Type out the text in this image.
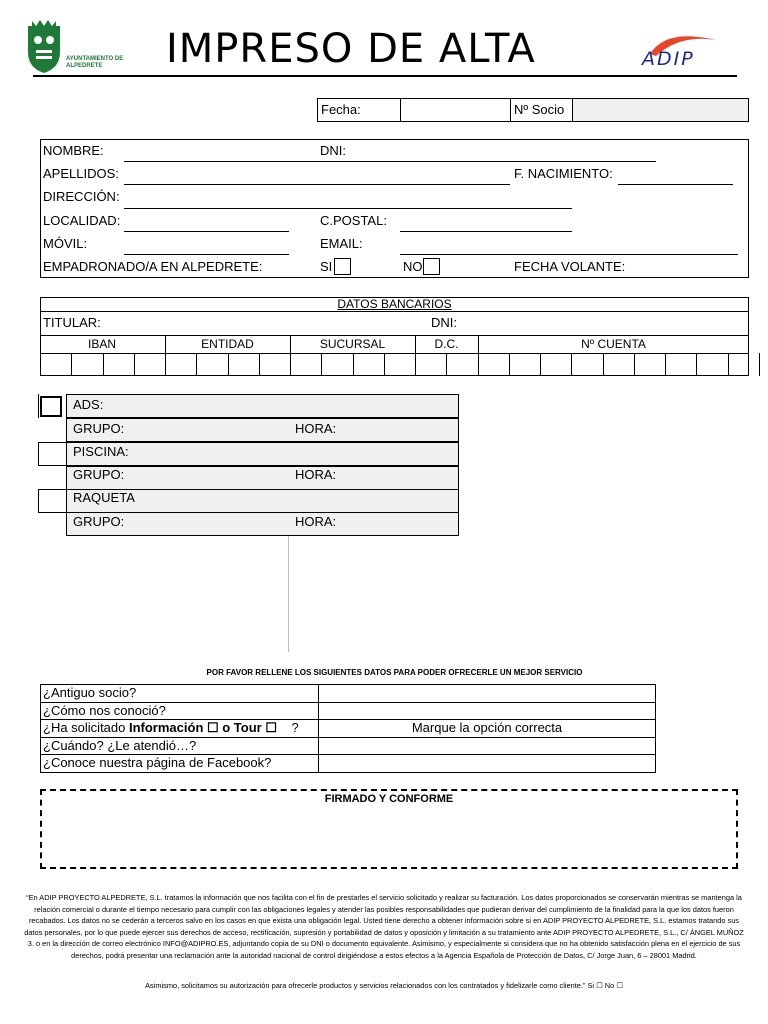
AYUNTAMIENTO DE ALPEDRETE	IMPRESO DE ALTA	ADIP
Fecha:	Nº Socio
NOMBRE:	DNI:
APELLIDOS:	F. NACIMIENTO:
DIRECCIÓN:
LOCALIDAD:	C.POSTAL:
MÓVIL:	EMAIL:
EMPADRONADO/A EN ALPEDRETE:	SI	NO	FECHA VOLANTE:
DATOS BANCARIOS
TITULAR:	DNI:
IBAN	ENTIDAD	SUCURSAL	D.C.	Nº CUENTA
ADS:
GRUPO:	HORA:
PISCINA:
GRUPO:	HORA:
RAQUETA
GRUPO:	HORA:
POR FAVOR RELLENE LOS SIGUIENTES DATOS PARA PODER OFRECERLE UN MEJOR SERVICIO
¿Antiguo socio?
¿Cómo nos conoció?
¿Ha solicitado Información ☐ o Tour ☐ ?	Marque la opción correcta
¿Cuándo? ¿Le atendió…?
¿Conoce nuestra página de Facebook?
FIRMADO Y CONFORME
“En ADIP PROYECTO ALPEDRETE, S.L. tratamos la información que nos facilita con el fin de prestarles el servicio solicitado y realizar su facturación. Los datos proporcionados se conservarán mientras se mantenga la relación comercial o durante el tiempo necesario para cumplir con las obligaciones legales y atender las posibles responsabilidades que pudieran derivar del cumplimiento de la finalidad para la que los datos fueron recabados. Los datos no se cederán a terceros salvo en los casos en que exista una obligación legal. Usted tiene derecho a obtener información sobre si en ADIP PROYECTO ALPEDRETE, S.L. estamos tratando sus datos personales, por lo que puede ejercer sus derechos de acceso, rectificación, supresión y portabilidad de datos y oposición y limitación a su tratamiento ante ADIP PROYECTO ALPEDRETE, S.L., C/ ÁNGEL MUÑOZ 3. o en la dirección de correo electrónico INFO@ADIPRO.ES, adjuntando copia de su DNI o documento equivalente. Asimismo, y especialmente si considera que no ha obtenido satisfacción plena en el ejercicio de sus derechos, podrá presentar una reclamación ante la autoridad nacional de control dirigiéndose a estos efectos a la Agencia Española de Protección de Datos, C/ Jorge Juan, 6 – 28001 Madrid.
Asimismo, solicitamos su autorización para ofrecerle productos y servicios relacionados con los contratados y fidelizarle como cliente.” Si ☐ No ☐
